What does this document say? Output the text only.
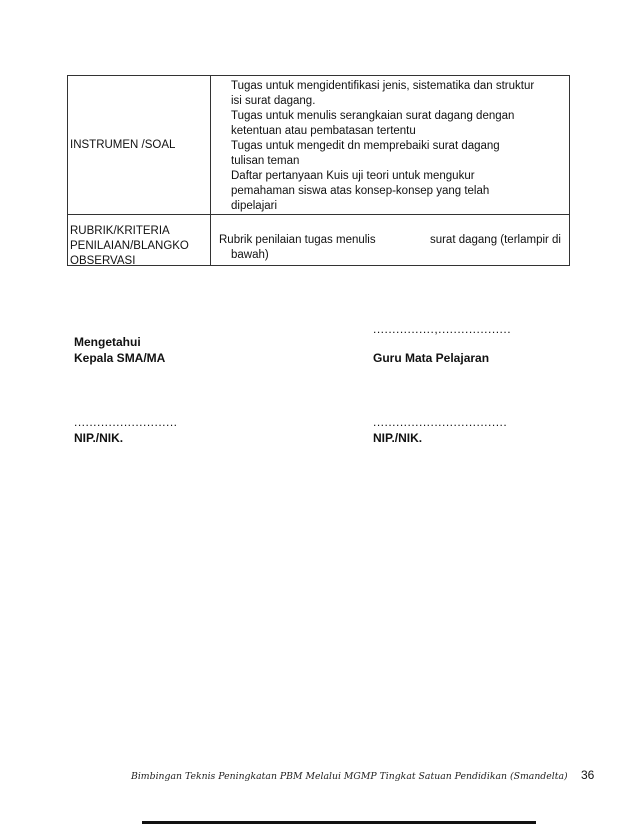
INSTRUMEN /SOAL

Tugas untuk mengidentifikasi jenis, sistematika dan struktur

isi surat dagang.

Tugas untuk menulis serangkaian surat dagang dengan

ketentuan atau pembatasan tertentu

Tugas untuk mengedit dn memprebaiki surat dagang

tulisan teman

Daftar pertanyaan Kuis uji teori untuk mengukur

pemahaman siswa atas konsep-konsep yang telah

dipelajari

RUBRIK/KRITERIA
PENILAIAN/BLANGKO
OBSERVASI
Rubrik penilaian tugas menulis	surat dagang (terlampir di
bawah)
................,...................
Mengetahui
Kepala SMA/MA	Guru Mata Pelajaran
...........................
NIP./NIK.
...................................
NIP./NIK.
Bimbingan Teknis Peningkatan PBM Melalui MGMP Tingkat Satuan Pendidikan (Smandelta) 36
